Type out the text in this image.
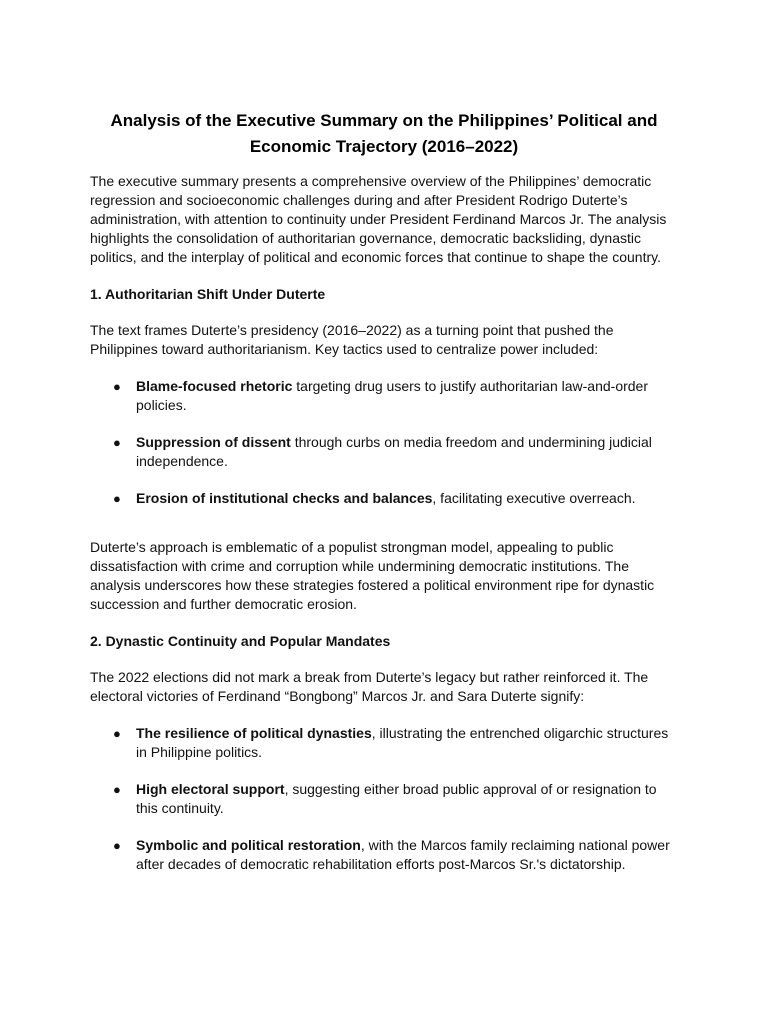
Analysis of the Executive Summary on the Philippines’ Political and
Economic Trajectory (2016–2022)

The executive summary presents a comprehensive overview of the Philippines’ democratic regression and socioeconomic challenges during and after President Rodrigo Duterte’s administration, with attention to continuity under President Ferdinand Marcos Jr. The analysis highlights the consolidation of authoritarian governance, democratic backsliding, dynastic politics, and the interplay of political and economic forces that continue to shape the country.

1. Authoritarian Shift Under Duterte

The text frames Duterte’s presidency (2016–2022) as a turning point that pushed the Philippines toward authoritarianism. Key tactics used to centralize power included:

● Blame-focused rhetoric targeting drug users to justify authoritarian law-and-order policies.
● Suppression of dissent through curbs on media freedom and undermining judicial independence.
● Erosion of institutional checks and balances, facilitating executive overreach.

Duterte’s approach is emblematic of a populist strongman model, appealing to public dissatisfaction with crime and corruption while undermining democratic institutions. The analysis underscores how these strategies fostered a political environment ripe for dynastic succession and further democratic erosion.

2. Dynastic Continuity and Popular Mandates

The 2022 elections did not mark a break from Duterte’s legacy but rather reinforced it. The electoral victories of Ferdinand “Bongbong” Marcos Jr. and Sara Duterte signify:

● The resilience of political dynasties, illustrating the entrenched oligarchic structures in Philippine politics.
● High electoral support, suggesting either broad public approval of or resignation to this continuity.
● Symbolic and political restoration, with the Marcos family reclaiming national power after decades of democratic rehabilitation efforts post-Marcos Sr.'s dictatorship.
